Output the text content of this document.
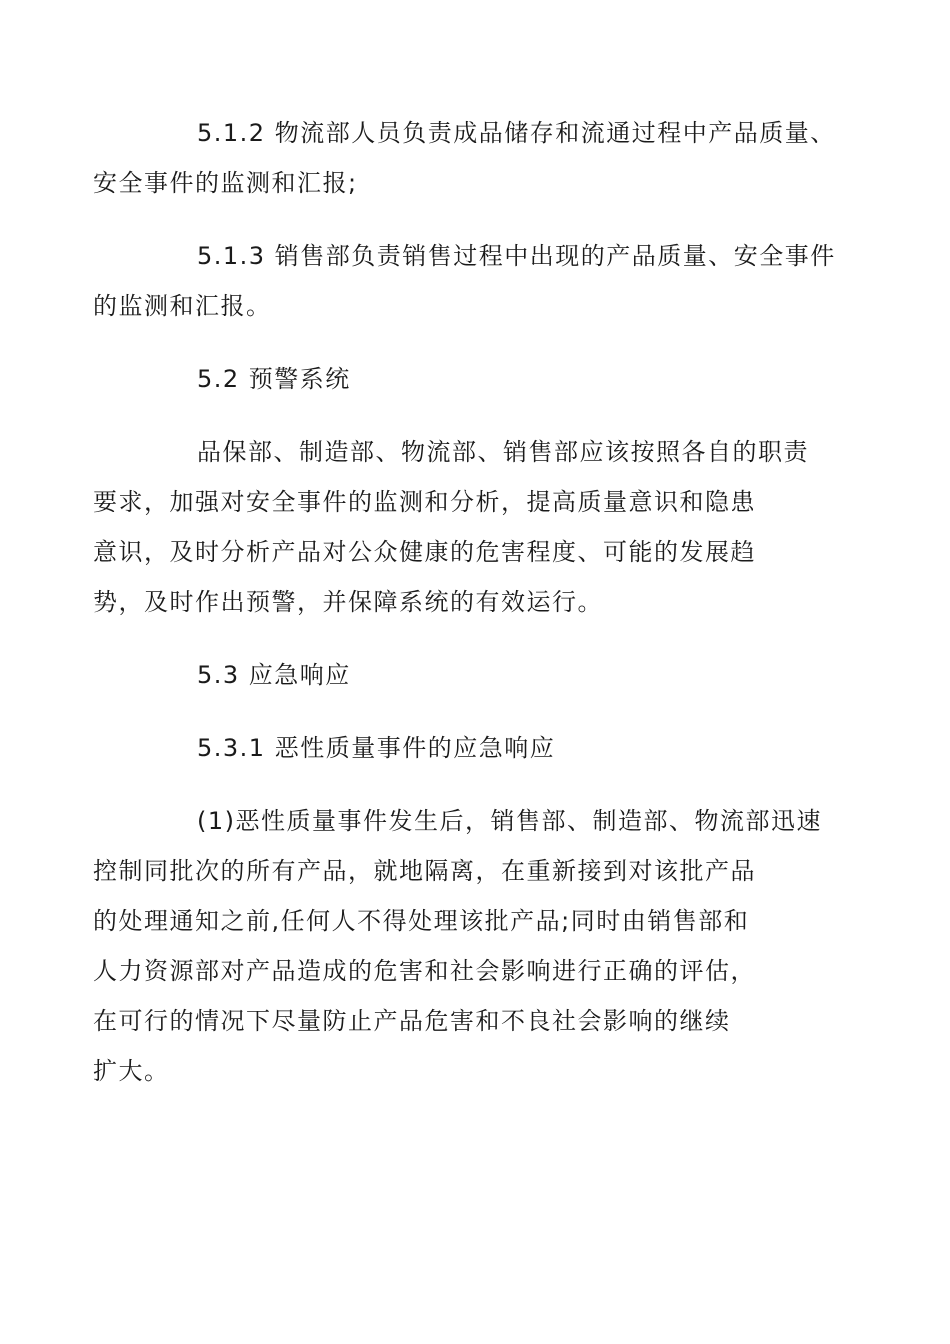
5.1.2 物流部人员负责成品储存和流通过程中产品质量、
安全事件的监测和汇报;

5.1.3 销售部负责销售过程中出现的产品质量、安全事件
的监测和汇报。

5.2 预警系统

品保部、制造部、物流部、销售部应该按照各自的职责
要求，加强对安全事件的监测和分析，提高质量意识和隐患
意识，及时分析产品对公众健康的危害程度、可能的发展趋
势，及时作出预警，并保障系统的有效运行。

5.3 应急响应

5.3.1 恶性质量事件的应急响应

(1)恶性质量事件发生后，销售部、制造部、物流部迅速
控制同批次的所有产品，就地隔离，在重新接到对该批产品
的处理通知之前,任何人不得处理该批产品;同时由销售部和
人力资源部对产品造成的危害和社会影响进行正确的评估，
在可行的情况下尽量防止产品危害和不良社会影响的继续
扩大。
